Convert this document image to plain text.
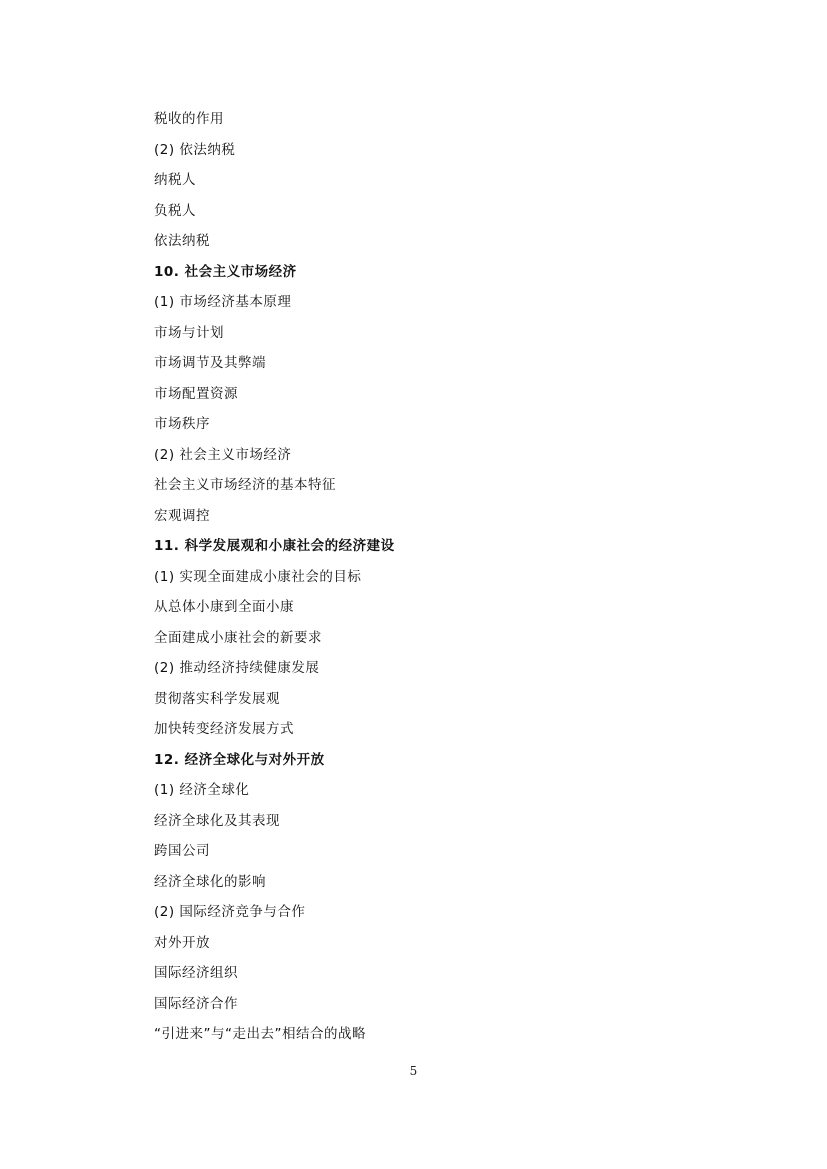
税收的作用
(2) 依法纳税
纳税人
负税人
依法纳税
10. 社会主义市场经济
(1) 市场经济基本原理
市场与计划
市场调节及其弊端
市场配置资源
市场秩序
(2) 社会主义市场经济
社会主义市场经济的基本特征
宏观调控
11. 科学发展观和小康社会的经济建设
(1) 实现全面建成小康社会的目标
从总体小康到全面小康
全面建成小康社会的新要求
(2) 推动经济持续健康发展
贯彻落实科学发展观
加快转变经济发展方式
12. 经济全球化与对外开放
(1) 经济全球化
经济全球化及其表现
跨国公司
经济全球化的影响
(2) 国际经济竞争与合作
对外开放
国际经济组织
国际经济合作
“引进来”与“走出去”相结合的战略
5
